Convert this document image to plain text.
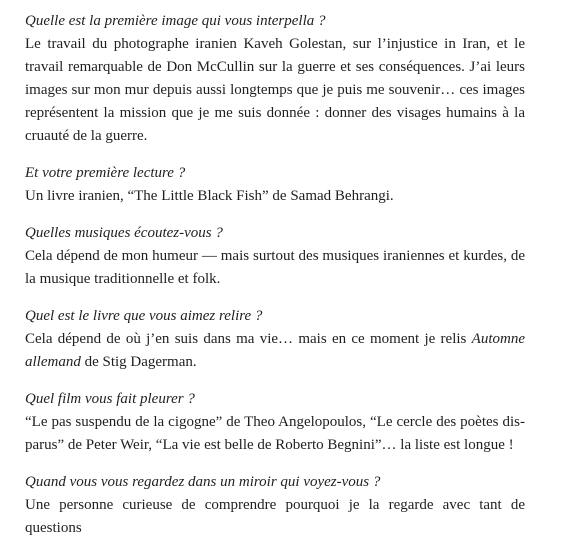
Quelle est la première image qui vous interpella ?

Le travail du photographe iranien Kaveh Golestan, sur l’injustice in Iran, et le travail remarquable de Don McCullin sur la guerre et ses conséquences. J’ai leurs images sur mon mur depuis aussi longtemps que je puis me souvenir… ces images représentent la mission que je me suis donnée : donner des visages humains à la cruauté de la guerre.

Et votre première lecture ?

Un livre iranien, “The Little Black Fish” de Samad Behrangi.

Quelles musiques écoutez-vous ?

Cela dépend de mon humeur — mais surtout des musiques iraniennes et kurdes, de la musique traditionnelle et folk.

Quel est le livre que vous aimez relire ?

Cela dépend de où j’en suis dans ma vie… mais en ce moment je relis Automne allemand de Stig Dagerman.

Quel film vous fait pleurer ?

“Le pas suspendu de la cigogne” de Theo Angelopoulos, “Le cercle des poètes disparus” de Peter Weir, “La vie est belle de Roberto Begnini”… la liste est longue !

Quand vous vous regardez dans un miroir qui voyez-vous ?

Une personne curieuse de comprendre pourquoi je la regarde avec tant de questions
